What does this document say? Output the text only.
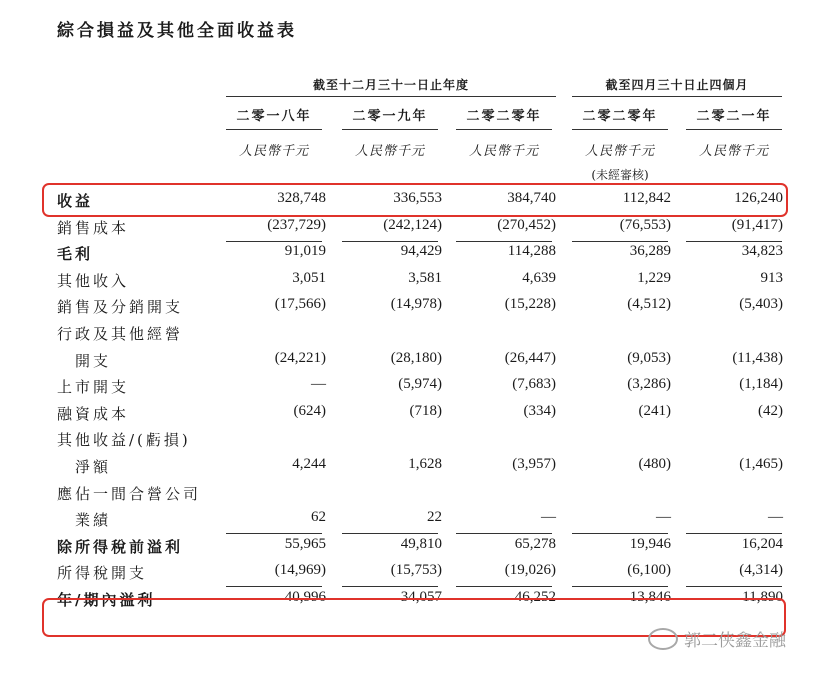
綜合損益及其他全面收益表
截至十二月三十一日止年度	截至四月三十日止四個月
二零一八年	二零一九年	二零二零年	二零二零年	二零二一年
人民幣千元	人民幣千元	人民幣千元	人民幣千元	人民幣千元
(未經審核)
收益	328,748	336,553	384,740	112,842	126,240
銷售成本	(237,729)	(242,124)	(270,452)	(76,553)	(91,417)
毛利	91,019	94,429	114,288	36,289	34,823
其他收入	3,051	3,581	4,639	1,229	913
銷售及分銷開支	(17,566)	(14,978)	(15,228)	(4,512)	(5,403)
行政及其他經營
開支	(24,221)	(28,180)	(26,447)	(9,053)	(11,438)
上市開支	—	(5,974)	(7,683)	(3,286)	(1,184)
融資成本	(624)	(718)	(334)	(241)	(42)
其他收益/(虧損)
淨額	4,244	1,628	(3,957)	(480)	(1,465)
應佔一間合營公司
業績	62	22	—	—	—
除所得稅前溢利	55,965	49,810	65,278	19,946	16,204
所得稅開支	(14,969)	(15,753)	(19,026)	(6,100)	(4,314)
年/期內溢利	40,996	34,057	46,252	13,846	11,890
郭二侠鑫金融
